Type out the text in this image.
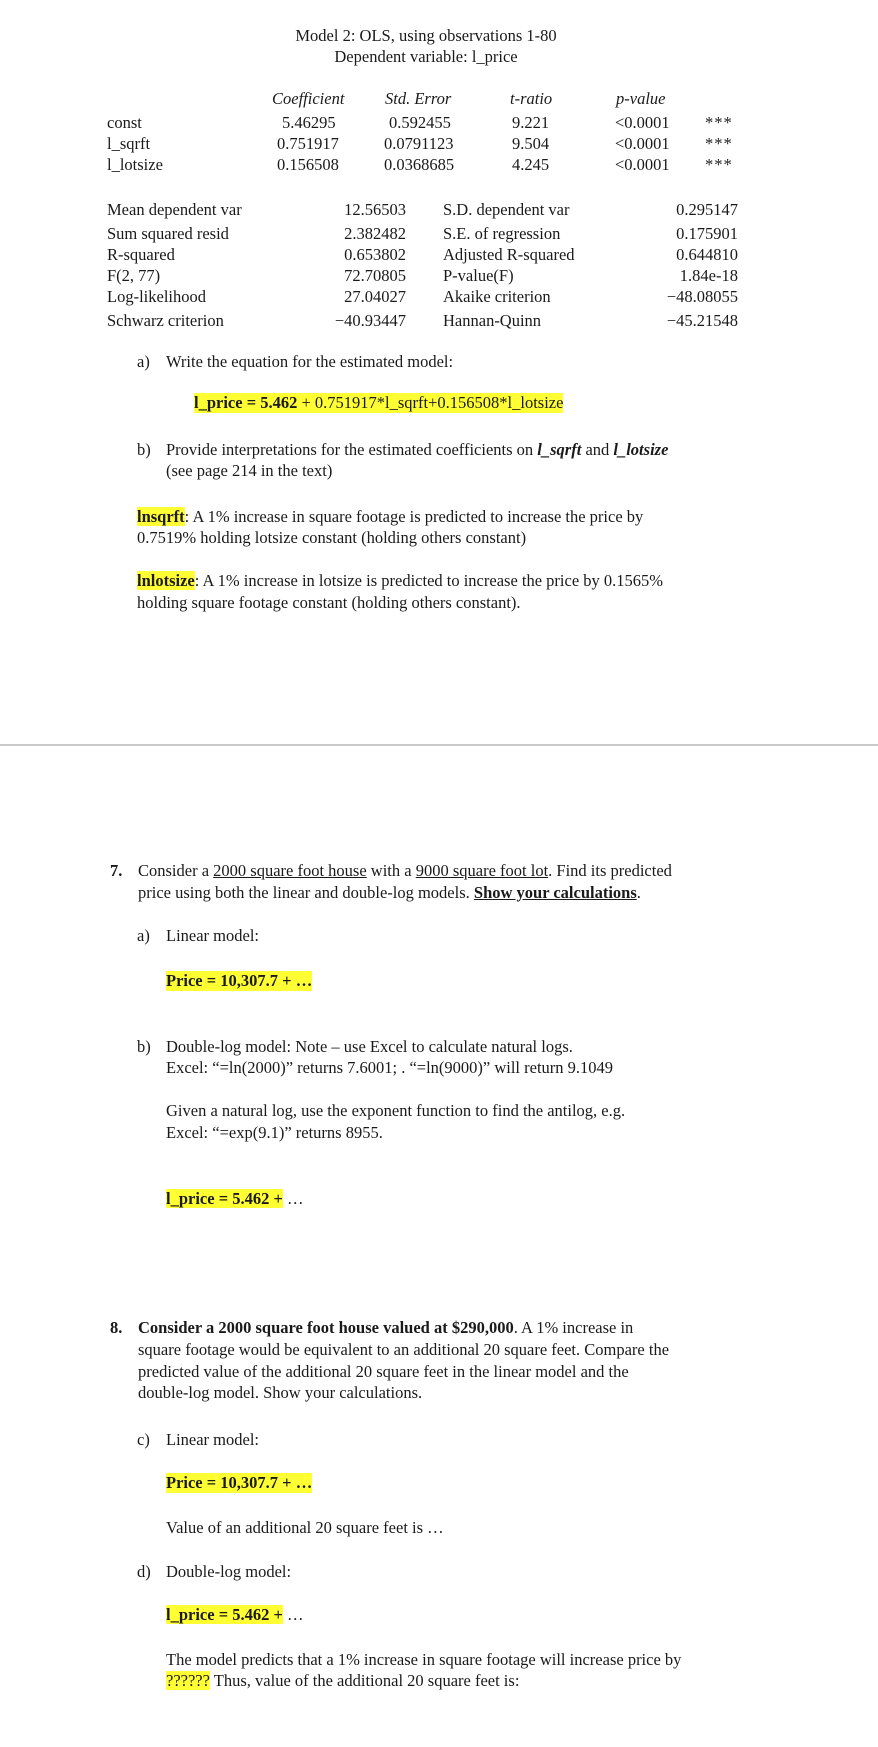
Model 2: OLS, using observations 1-80
Dependent variable: l_price
Coefficient Std. Error	t-ratio	p-value
const	5.46295	0.592455	9.221	<0.0001 ***
l_sqrft	0.751917	0.0791123	9.504	<0.0001 ***
l_lotsize	0.156508	0.0368685	4.245	<0.0001 ***
Mean dependent var	12.56503 S.D. dependent var	0.295147
Sum squared resid	2.382482 S.E. of regression	0.175901
R-squared	0.653802 Adjusted R-squared	0.644810
F(2, 77)	72.70805 P-value(F)	1.84e-18
Log-likelihood	27.04027 Akaike criterion	−48.08055
Schwarz criterion	−40.93447 Hannan-Quinn	−45.21548
a) Write the equation for the estimated model:
l_price = 5.462 + 0.751917*l_sqrft+0.156508*l_lotsize
b) Provide interpretations for the estimated coefficients on l_sqrft and l_lotsize
(see page 214 in the text)
lnsqrft: A 1% increase in square footage is predicted to increase the price by
0.7519% holding lotsize constant (holding others constant)
lnlotsize: A 1% increase in lotsize is predicted to increase the price by 0.1565%
holding square footage constant (holding others constant).
7. Consider a 2000 square foot house with a 9000 square foot lot. Find its predicted
price using both the linear and double-log models. Show your calculations.
a) Linear model:
Price = 10,307.7 + …
b) Double-log model: Note – use Excel to calculate natural logs.
Excel: “=ln(2000)” returns 7.6001; . “=ln(9000)” will return 9.1049
Given a natural log, use the exponent function to find the antilog, e.g.
Excel: “=exp(9.1)” returns 8955.
l_price = 5.462 + …
8. Consider a 2000 square foot house valued at $290,000. A 1% increase in
square footage would be equivalent to an additional 20 square feet. Compare the
predicted value of the additional 20 square feet in the linear model and the
double-log model. Show your calculations.
c) Linear model:
Price = 10,307.7 + …
Value of an additional 20 square feet is …
d) Double-log model:
l_price = 5.462 + …
The model predicts that a 1% increase in square footage will increase price by
?????? Thus, value of the additional 20 square feet is:
